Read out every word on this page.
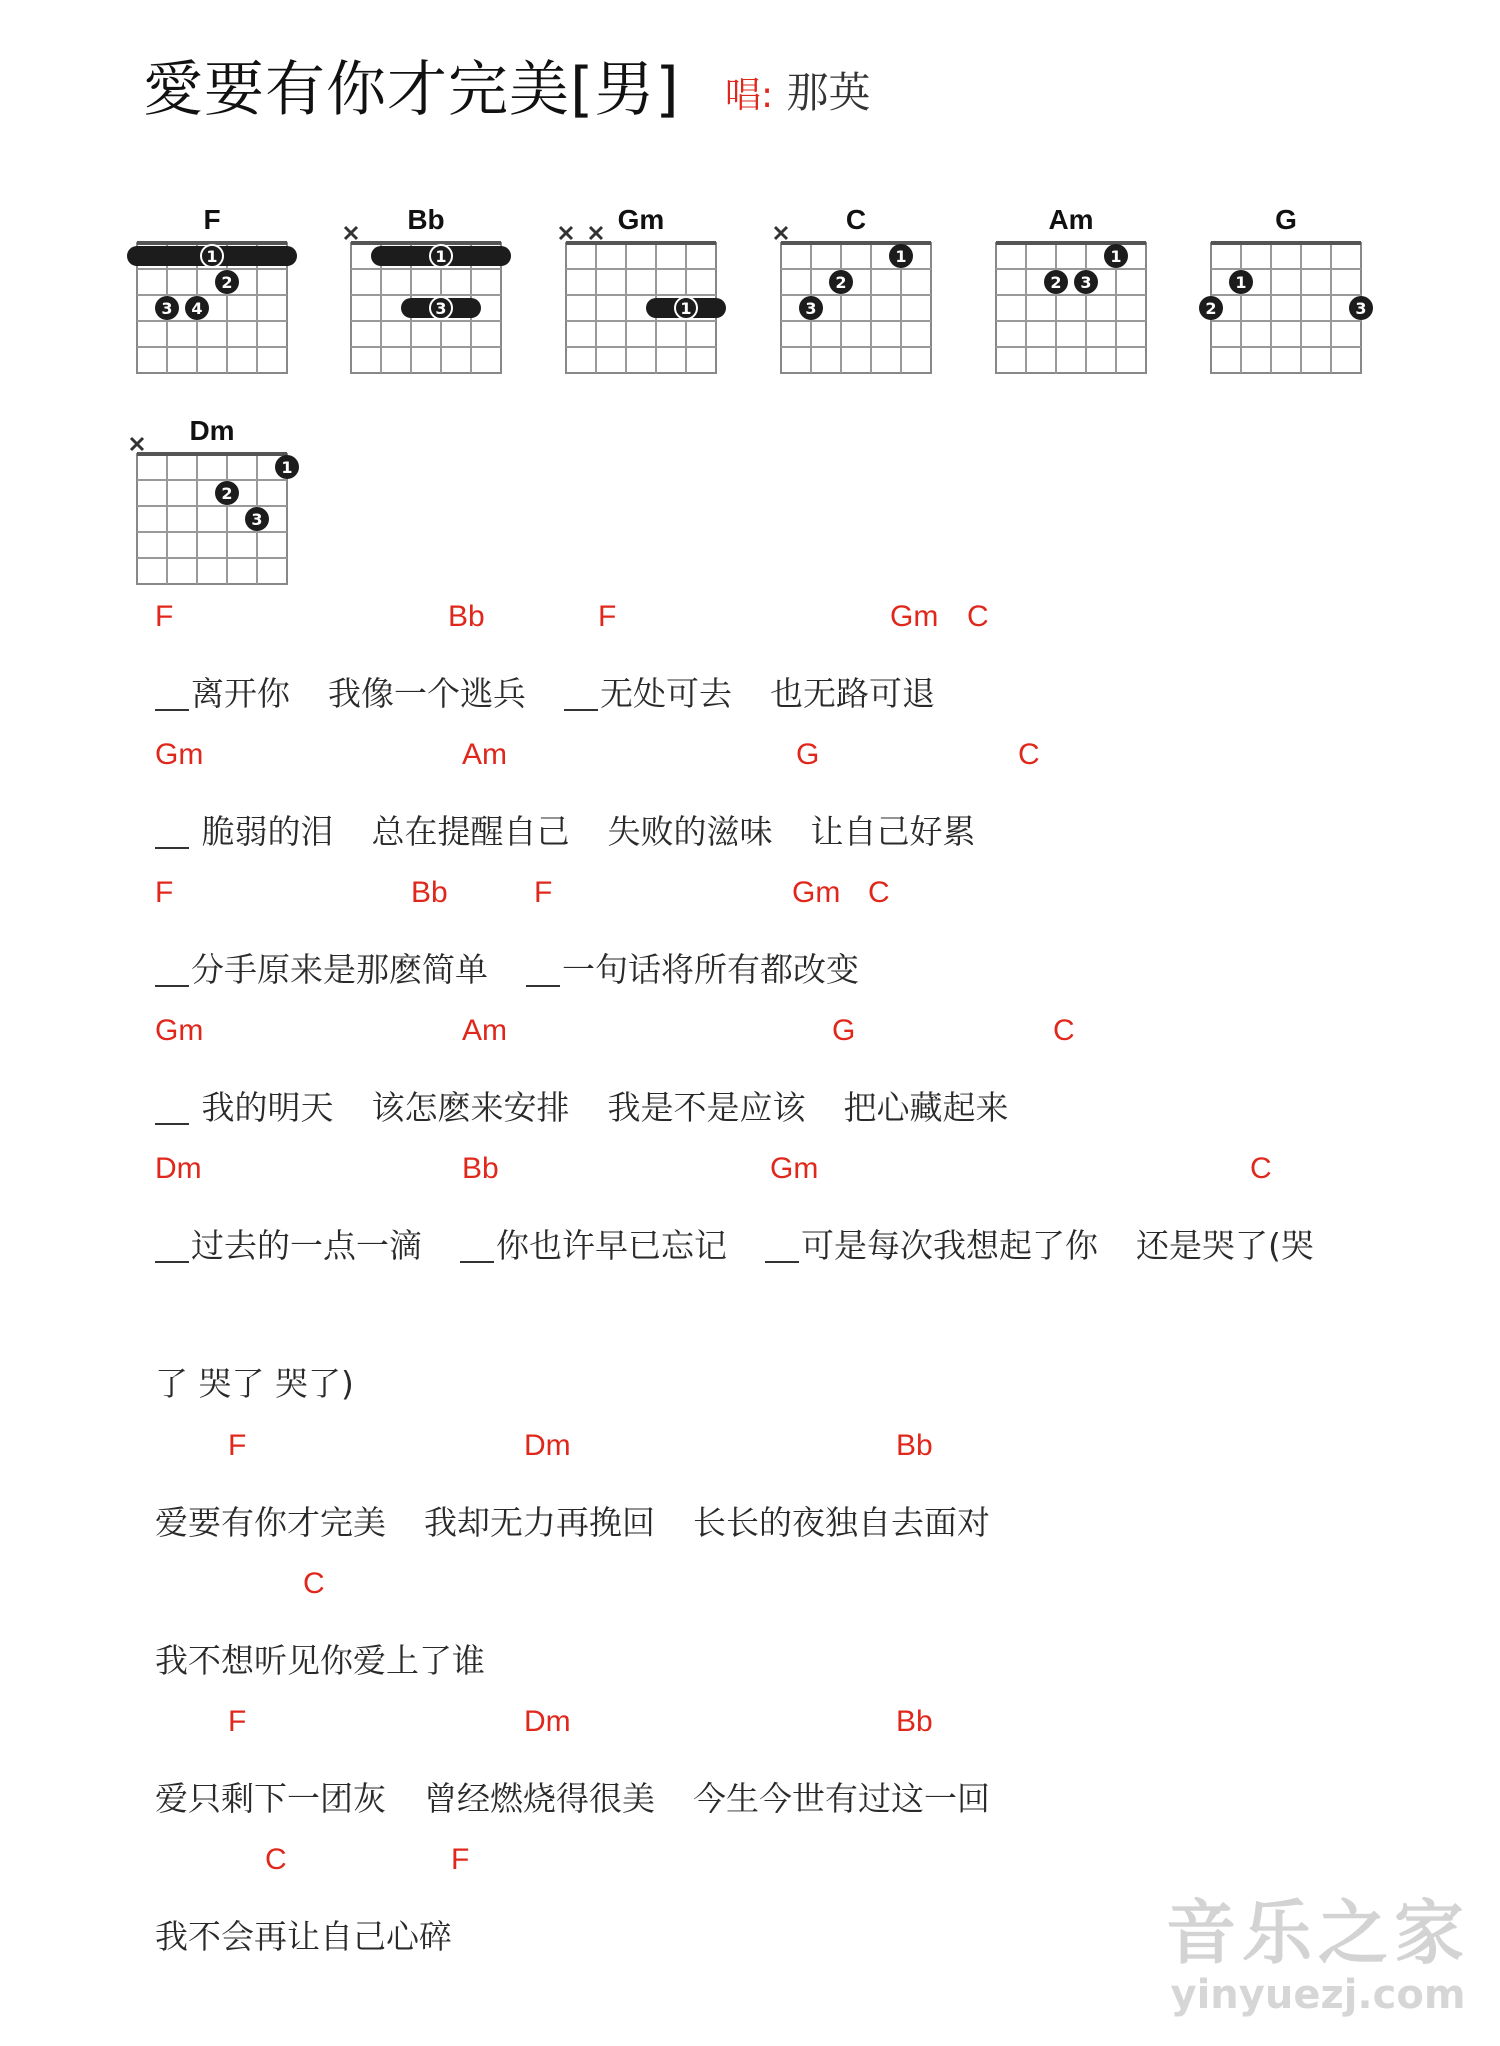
愛要有你才完美[男] 唱: 那英
F
1
2
3 4
Bb
1
3
Gm
1
C
1
2
3
Am
1
2 3
G
1
2	3
Dm
1
2
3
F	Bb	F	Gm C
Gm	Am	G	C
F	Bb	F	Gm C
Gm	Am	G	C
Dm	Bb	Gm	C
F	Dm	Bb
C
F	Dm	Bb
C	F
离开你 我像一个逃兵 无处可去 也无路可退
脆弱的泪 总在提醒自己 失败的滋味 让自己好累
分手原来是那麽简单 一句话将所有都改变
我的明天 该怎麽来安排 我是不是应该 把心藏起来
过去的一点一滴 你也许早已忘记 可是每次我想起了你 还是哭了(哭
了 哭了 哭了)
爱要有你才完美 我却无力再挽回 长长的夜独自去面对
我不想听见你爱上了谁
爱只剩下一团灰 曾经燃烧得很美 今生今世有过这一回
我不会再让自己心碎	音乐之家
yinyuezj.com
